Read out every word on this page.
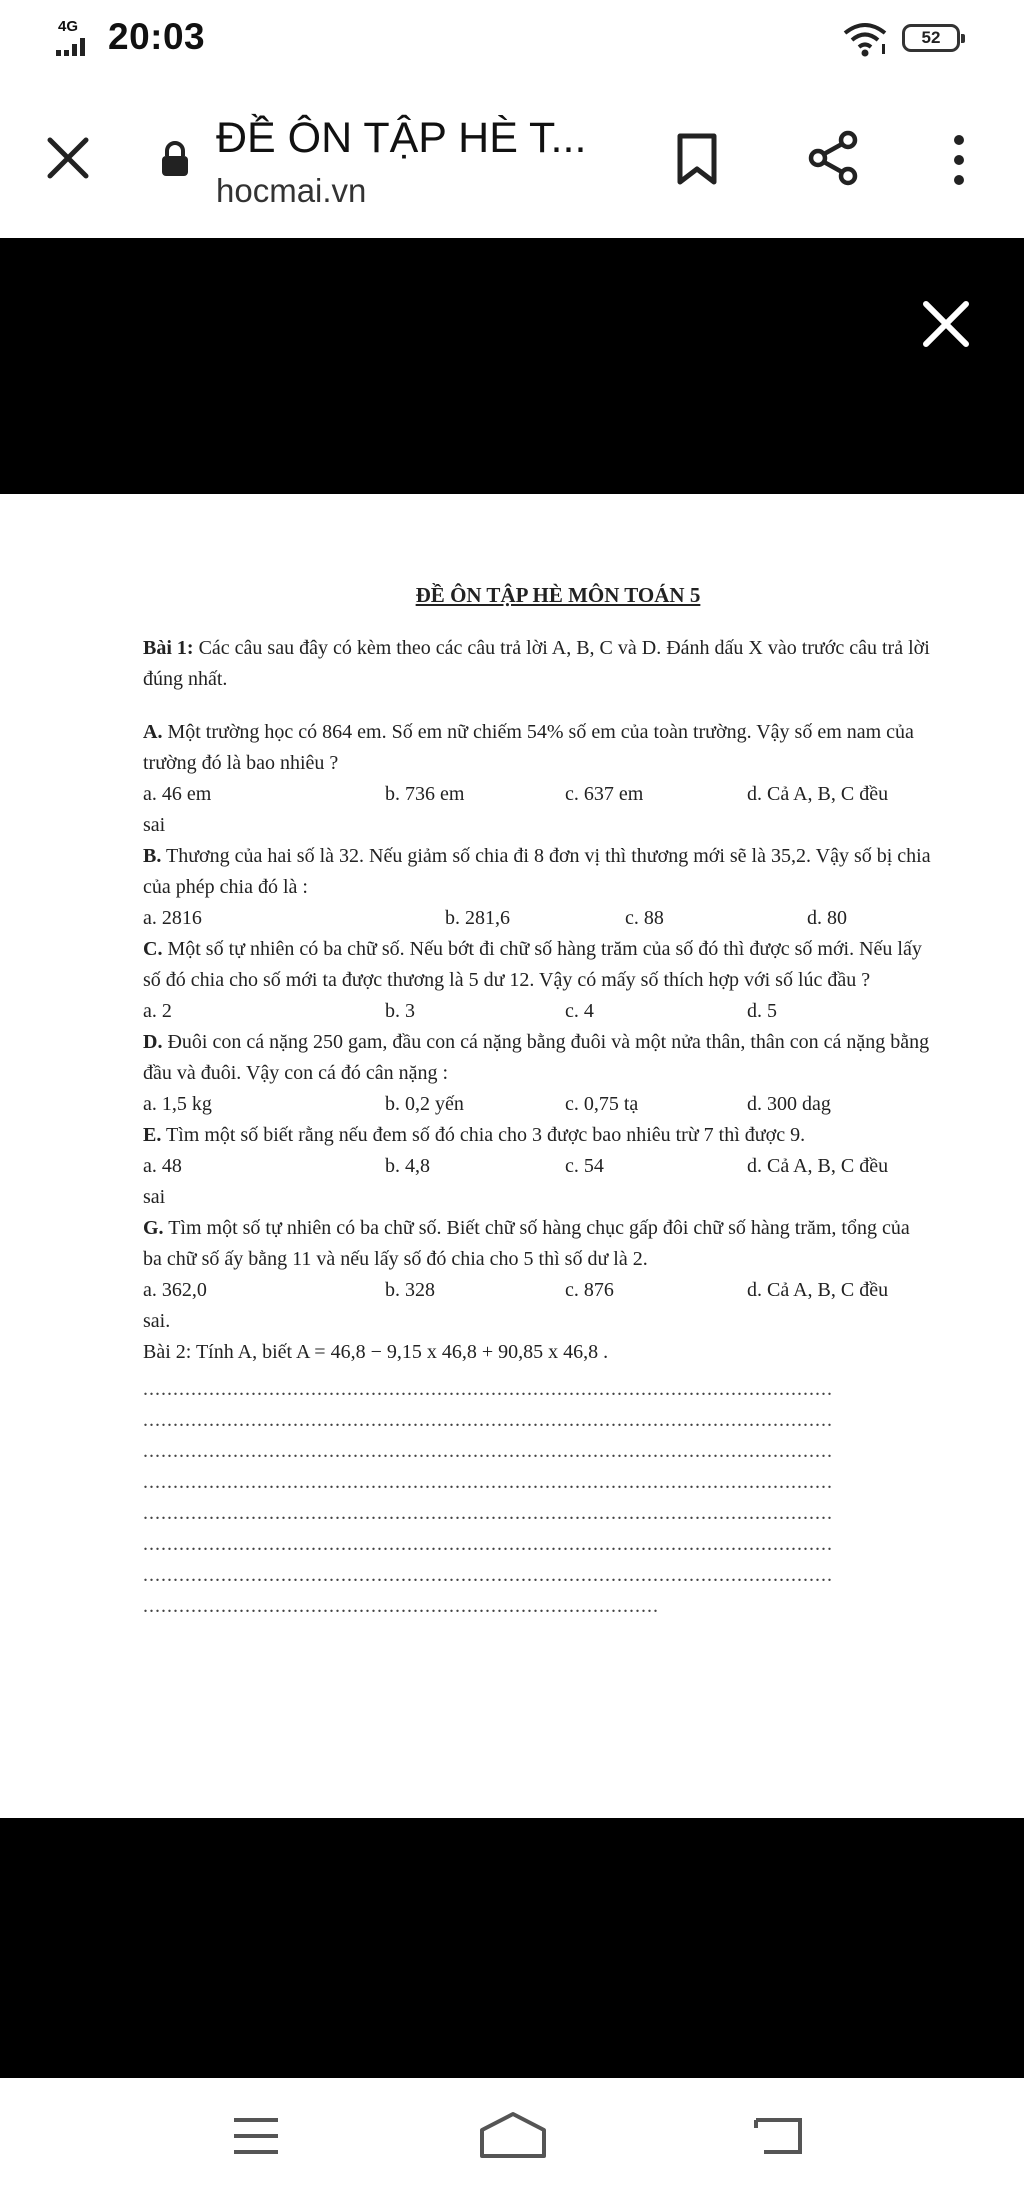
4G 20:03	52
ĐỀ ÔN TẬP HÈ T...
hocmai.vn
ĐỀ ÔN TẬP HÈ MÔN TOÁN 5

Bài 1: Các câu sau đây có kèm theo các câu trả lời A, B, C và D. Đánh dấu X vào trước câu trả lời đúng nhất.

A. Một trường học có 864 em. Số em nữ chiếm 54% số em của toàn trường. Vậy số em nam của trường đó là bao nhiêu ?

a. 46 em	b. 736 em	c. 637 em	d. Cả A, B, C đều

sai

B. Thương của hai số là 32. Nếu giảm số chia đi 8 đơn vị thì thương mới sẽ là 35,2. Vậy số bị chia của phép chia đó là :

a. 2816	b. 281,6	c. 88	d. 80

C. Một số tự nhiên có ba chữ số. Nếu bớt đi chữ số hàng trăm của số đó thì được số mới. Nếu lấy số đó chia cho số mới ta được thương là 5 dư 12. Vậy có mấy số thích hợp với số lúc đầu ?

a. 2	b. 3	c. 4	d. 5

D. Đuôi con cá nặng 250 gam, đầu con cá nặng bằng đuôi và một nửa thân, thân con cá nặng bằng đầu và đuôi. Vậy con cá đó cân nặng :

a. 1,5 kg	b. 0,2 yến	c. 0,75 tạ	d. 300 dag

E. Tìm một số biết rằng nếu đem số đó chia cho 3 được bao nhiêu trừ 7 thì được 9.

a. 48	b. 4,8	c. 54	d. Cả A, B, C đều

sai

G. Tìm một số tự nhiên có ba chữ số. Biết chữ số hàng chục gấp đôi chữ số hàng trăm, tổng của ba chữ số ấy bằng 11 và nếu lấy số đó chia cho 5 thì số dư là 2.

a. 362,0	b. 328	c. 876	d. Cả A, B, C đều

sai.

Bài 2: Tính A, biết A = 46,8 − 9,15 x 46,8 + 90,85 x 46,8 .

...................................................................................................................
...................................................................................................................
...................................................................................................................
...................................................................................................................
...................................................................................................................
...................................................................................................................
...................................................................................................................
......................................................................................
